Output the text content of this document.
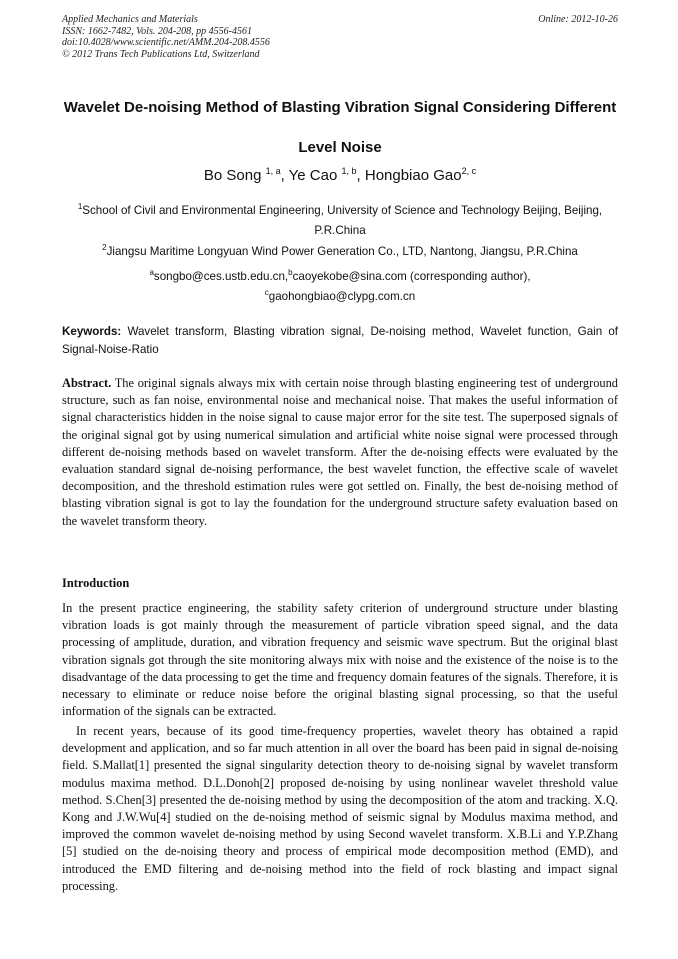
Applied Mechanics and Materials
ISSN: 1662-7482, Vols. 204-208, pp 4556-4561
doi:10.4028/www.scientific.net/AMM.204-208.4556
© 2012 Trans Tech Publications Ltd, Switzerland
Online: 2012-10-26
Wavelet De-noising Method of Blasting Vibration Signal Considering Different Level Noise
Bo Song $^{1, a}$, Ye Cao $^{1, b}$, Hongbiao Gao$^{2, c}$
$^1$School of Civil and Environmental Engineering, University of Science and Technology Beijing, Beijing, P.R.China
$^2$Jiangsu Maritime Longyuan Wind Power Generation Co., LTD, Nantong, Jiangsu, P.R.China
$^a$songbo@ces.ustb.edu.cn,$^b$caoyekobe@sina.com (corresponding author),
$^c$gaohongbiao@clypg.com.cn
Keywords: Wavelet transform, Blasting vibration signal, De-noising method, Wavelet function, Gain of Signal-Noise-Ratio
Abstract. The original signals always mix with certain noise through blasting engineering test of underground structure, such as fan noise, environmental noise and mechanical noise. That makes the useful information of signal characteristics hidden in the noise signal to cause major error for the site test. The superposed signals of the original signal got by using numerical simulation and artificial white noise signal were processed through different de-noising methods based on wavelet transform. After the de-noising effects were evaluated by the evaluation standard signal de-noising performance, the best wavelet function, the effective scale of wavelet decomposition, and the threshold estimation rules were got settled on. Finally, the best de-noising method of blasting vibration signal is got to lay the foundation for the underground structure safety evaluation based on the wavelet transform theory.
Introduction

In the present practice engineering, the stability safety criterion of underground structure under blasting vibration loads is got mainly through the measurement of particle vibration speed signal, and the data processing of amplitude, duration, and vibration frequency and seismic wave spectrum. But the original blast vibration signals got through the site monitoring always mix with noise and the existence of the noise is to the disadvantage of the data processing to get the time and frequency domain features of the signals. Therefore, it is necessary to eliminate or reduce noise before the original blasting signal processing, so that the useful information of the signals can be extracted.

In recent years, because of its good time-frequency properties, wavelet theory has obtained a rapid development and application, and so far much attention in all over the board has been paid in signal de-noising field. S.Mallat[1] presented the signal singularity detection theory to de-noising signal by wavelet transform modulus maxima method. D.L.Donoh[2] proposed de-noising by using nonlinear wavelet threshold value method. S.Chen[3] presented the de-noising method by using the decomposition of the atom and tracking. X.Q. Kong and J.W.Wu[4] studied on the de-noising method of seismic signal by Modulus maxima method, and improved the common wavelet de-noising method by using Second wavelet transform. X.B.Li and Y.P.Zhang [5] studied on the de-noising theory and process of empirical mode decomposition method (EMD), and introduced the EMD filtering and de-noising method into the field of rock blasting and impact signal processing.
